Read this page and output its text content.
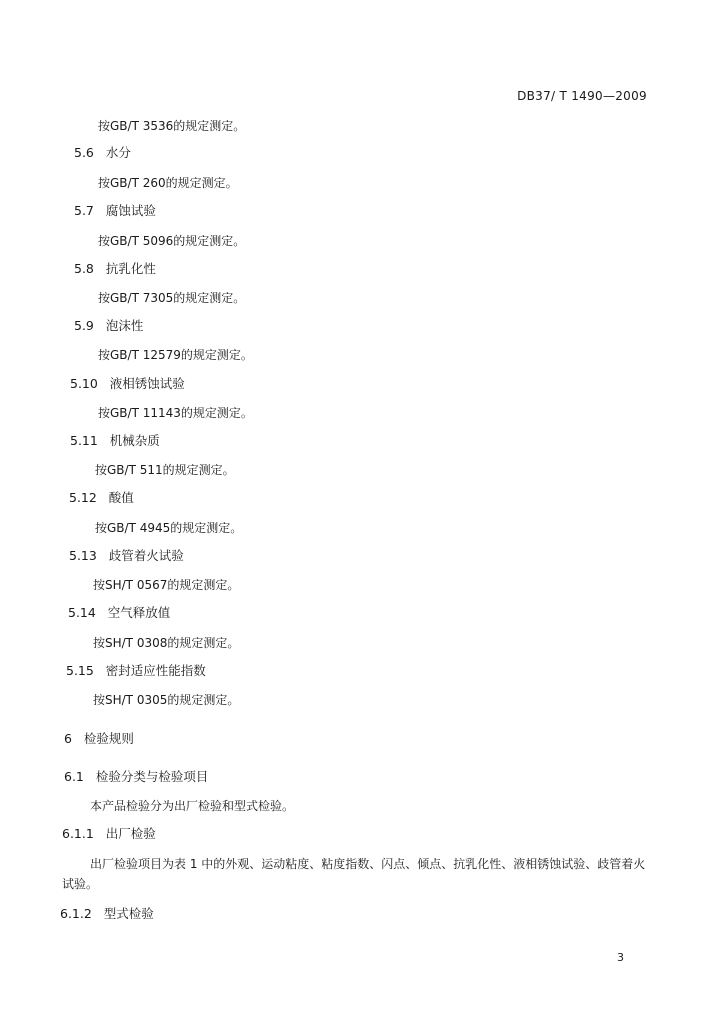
DB37/ T 1490—2009
按GB/T 3536的规定测定。
5.6 水分
按GB/T 260的规定测定。
5.7 腐蚀试验
按GB/T 5096的规定测定。
5.8 抗乳化性
按GB/T 7305的规定测定。
5.9 泡沫性
按GB/T 12579的规定测定。
5.10 液相锈蚀试验
按GB/T 11143的规定测定。
5.11 机械杂质
按GB/T 511的规定测定。
5.12 酸值
按GB/T 4945的规定测定。
5.13 歧管着火试验
按SH/T 0567的规定测定。
5.14 空气释放值
按SH/T 0308的规定测定。
5.15 密封适应性能指数
按SH/T 0305的规定测定。
6 检验规则
6.1 检验分类与检验项目
本产品检验分为出厂检验和型式检验。
6.1.1 出厂检验
出厂检验项目为表 1 中的外观、运动粘度、粘度指数、闪点、倾点、抗乳化性、液相锈蚀试验、歧管着火试验。
6.1.2 型式检验
3
